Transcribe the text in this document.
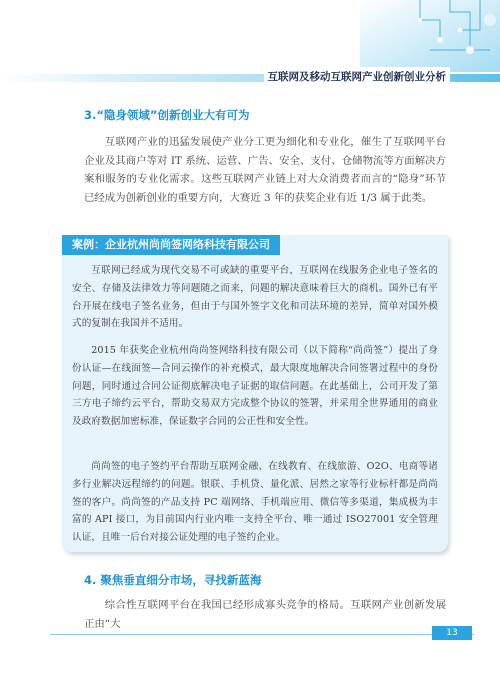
互联网及移动互联网产业创新创业分析
3.“隐身领域”创新创业大有可为
互联网产业的迅猛发展使产业分工更为细化和专业化，催生了互联网平台企业及其商户等对 IT 系统、运营、广告、安全、支付、仓储物流等方面解决方案和服务的专业化需求。这些互联网产业链上对大众消费者而言的“隐身”环节已经成为创新创业的重要方向，大赛近 3 年的获奖企业有近 1/3 属于此类。
案例：企业杭州尚尚签网络科技有限公司
互联网已经成为现代交易不可或缺的重要平台，互联网在线服务企业电子签名的安全、存储及法律效力等问题随之而来，问题的解决意味着巨大的商机。国外已有平台开展在线电子签名业务，但由于与国外签字文化和司法环境的差异，简单对国外模式的复制在我国并不适用。
2015 年获奖企业杭州尚尚签网络科技有限公司（以下简称“尚尚签”）提出了身份认证—在线面签—合同云操作的补充模式，最大限度地解决合同签署过程中的身份问题，同时通过合同公证彻底解决电子证据的取信问题。在此基础上，公司开发了第三方电子缔约云平台，帮助交易双方完成整个协议的签署，并采用全世界通用的商业及政府数据加密标准，保证数字合同的公正性和安全性。
尚尚签的电子签约平台帮助互联网金融、在线教育、在线旅游、O2O、电商等诸多行业解决远程缔约的问题。银联、手机贷、量化派、居然之家等行业标杆都是尚尚签的客户。尚尚签的产品支持 PC 端网络、手机端应用、微信等多渠道，集成极为丰富的 API 接口，为目前国内行业内唯一支持全平台、唯一通过 ISO27001 安全管理认证，且唯一后台对接公证处理的电子签约企业。
4. 聚焦垂直细分市场，寻找新蓝海
综合性互联网平台在我国已经形成寡头竞争的格局。互联网产业创新发展正由“大
13
